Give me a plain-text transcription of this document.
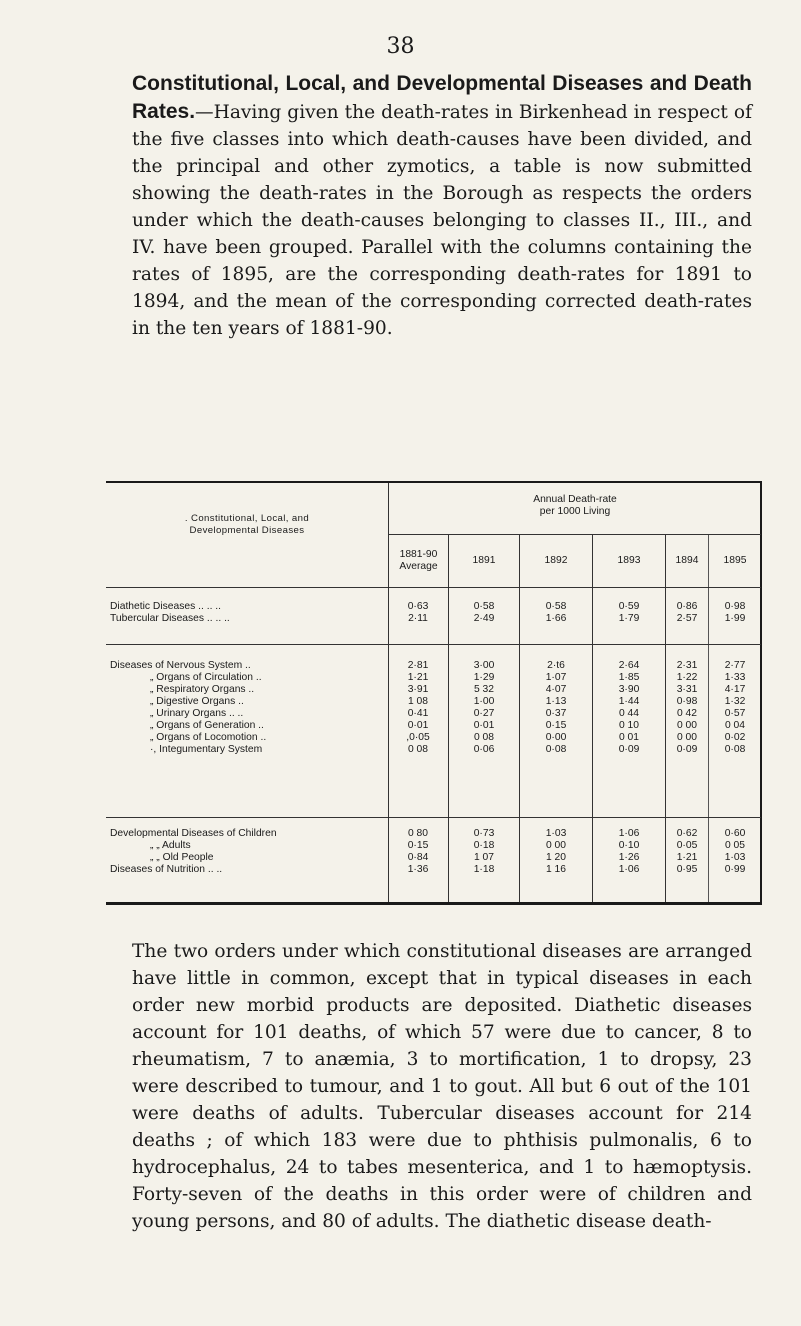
38

Constitutional, Local, and Developmental Diseases and Death Rates.—Having given the death-rates in Birkenhead in respect of the five classes into which death-causes have been divided, and the principal and other zymotics, a table is now submitted showing the death-rates in the Borough as respects the orders under which the death-causes belonging to classes II., III., and IV. have been grouped. Parallel with the columns containing the rates of 1895, are the corresponding death-rates for 1891 to 1894, and the mean of the corresponding corrected death-rates in the ten years of 1881-90.

. Constitutional, Local, and
Developmental Diseases
Annual Death-rate
per 1000 Living
1881-90
Average
1891	1892	1893	1894	1895
Diathetic Diseases .. .. ..	0·63	0·58	0·58	0·59	0·86	0·98
Tubercular Diseases .. .. ..	2·11	2·49	1·66	1·79	2·57	1·99
Diseases of Nervous System ..	2·81	3·00	2·t6	2·64	2·31	2·77
„ Organs of Circulation ..	1·21	1·29	1·07	1·85	1·22	1·33
„ Respiratory Organs ..	3·91	5 32	4·07	3·90	3·31	4·17
„ Digestive Organs ..	1 08	1·00	1·13	1·44	0·98	1·32
„ Urinary Organs .. ..	0·41	0·27	0·37	0 44	0 42	0·57
„ Organs of Generation ..	0·01	0·01	0·15	0 10	0 00	0 04
„ Organs of Locomotion ..	,0·05	0 08	0·00	0 01	0 00	0·02
·, Integumentary System	0 08	0·06	0·08	0·09	0·09	0·08
Developmental Diseases of Children	0 80	0·73	1·03	1·06	0·62	0·60
„ „ Adults	0·15	0·18	0 00	0·10	0·05	0 05
„ „ Old People	0·84	1 07	1 20	1·26	1·21	1·03
Diseases of Nutrition .. ..	1·36	1·18	1 16	1·06	0·95	0·99

The two orders under which constitutional diseases are arranged have little in common, except that in typical diseases in each order new morbid products are deposited. Diathetic diseases account for 101 deaths, of which 57 were due to cancer, 8 to rheumatism, 7 to anæmia, 3 to mortification, 1 to dropsy, 23 were described to tumour, and 1 to gout. All but 6 out of the 101 were deaths of adults. Tubercular diseases account for 214 deaths ; of which 183 were due to phthisis pulmonalis, 6 to hydrocephalus, 24 to tabes mesenterica, and 1 to hæmoptysis. Forty-seven of the deaths in this order were of children and young persons, and 80 of adults. The diathetic disease death-
